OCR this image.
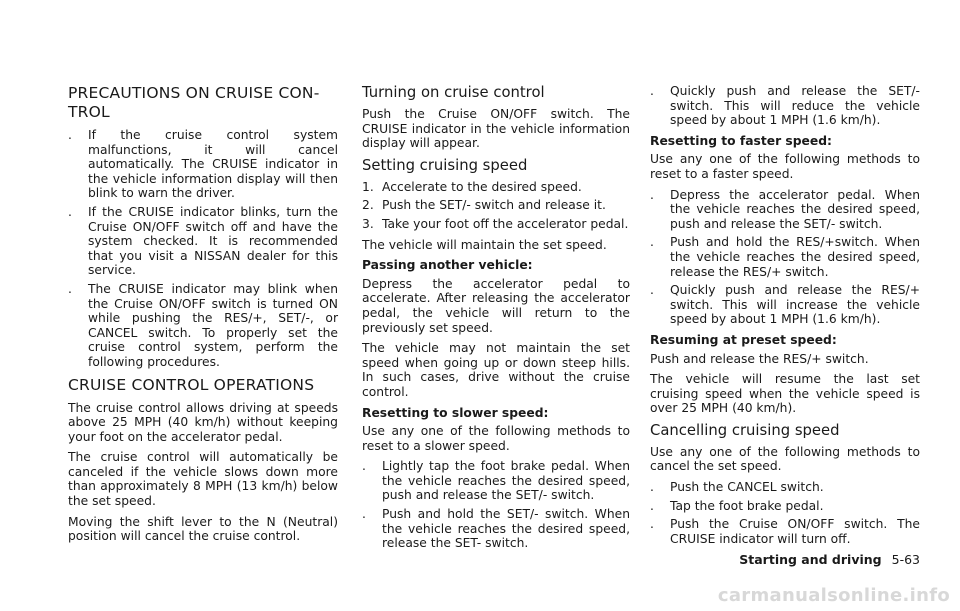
PRECAUTIONS ON CRUISE CON-TROL
. If the cruise control system malfunctions, it will cancel automatically. The CRUISE indicator in the vehicle information display will then blink to warn the driver.
. If the CRUISE indicator blinks, turn the Cruise ON/OFF switch off and have the system checked. It is recommended that you visit a NISSAN dealer for this service.
. The CRUISE indicator may blink when the Cruise ON/OFF switch is turned ON while pushing the RES/+, SET/-, or CANCEL switch. To properly set the cruise control system, perform the following procedures.
CRUISE CONTROL OPERATIONS

The cruise control allows driving at speeds above 25 MPH (40 km/h) without keeping your foot on the accelerator pedal.

The cruise control will automatically be canceled if the vehicle slows down more than approximately 8 MPH (13 km/h) below the set speed.

Moving the shift lever to the N (Neutral) position will cancel the cruise control.

Turning on cruise control

Push the Cruise ON/OFF switch. The CRUISE indicator in the vehicle information display will appear.

Setting cruising speed
1. Accelerate to the desired speed.
2. Push the SET/- switch and release it.
3. Take your foot off the accelerator pedal.

The vehicle will maintain the set speed.

Passing another vehicle:

Depress the accelerator pedal to accelerate. After releasing the accelerator pedal, the vehicle will return to the previously set speed.

The vehicle may not maintain the set speed when going up or down steep hills. In such cases, drive without the cruise control.

Resetting to slower speed:

Use any one of the following methods to reset to a slower speed.

. Lightly tap the foot brake pedal. When the vehicle reaches the desired speed, push and release the SET/- switch.
. Push and hold the SET/- switch. When the vehicle reaches the desired speed, release the SET- switch.
. Quickly push and release the SET/- switch. This will reduce the vehicle speed by about 1 MPH (1.6 km/h).

Resetting to faster speed:

Use any one of the following methods to reset to a faster speed.

. Depress the accelerator pedal. When the vehicle reaches the desired speed, push and release the SET/- switch.
. Push and hold the RES/+switch. When the vehicle reaches the desired speed, release the RES/+ switch.
. Quickly push and release the RES/+ switch. This will increase the vehicle speed by about 1 MPH (1.6 km/h).

Resuming at preset speed:

Push and release the RES/+ switch.

The vehicle will resume the last set cruising speed when the vehicle speed is over 25 MPH (40 km/h).

Cancelling cruising speed

Use any one of the following methods to cancel the set speed.

. Push the CANCEL switch.
. Tap the foot brake pedal.
. Push the Cruise ON/OFF switch. The CRUISE indicator will turn off.
Starting and driving 5-63
carmanualsonline.info
